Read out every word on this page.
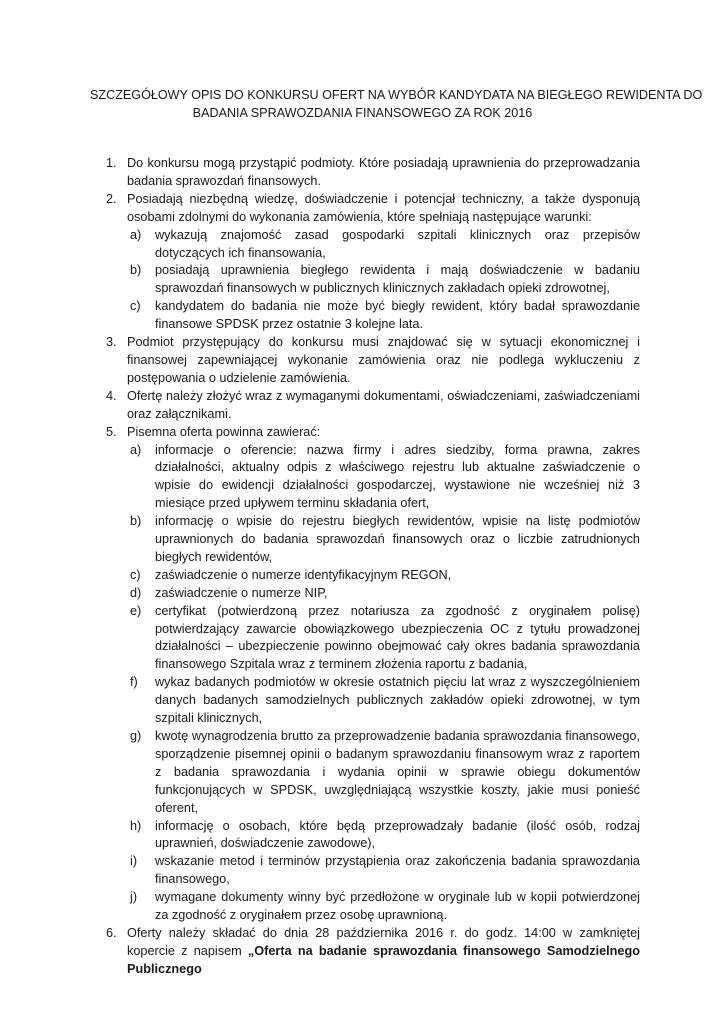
SZCZEGÓŁOWY OPIS DO KONKURSU OFERT NA WYBÓR KANDYDATA NA BIEGŁEGO REWIDENTA DO
BADANIA SPRAWOZDANIA FINANSOWEGO ZA ROK 2016
1. Do konkursu mogą przystąpić podmioty. Które posiadają uprawnienia do przeprowadzania badania sprawozdań finansowych.
2. Posiadają niezbędną wiedzę, doświadczenie i potencjał techniczny, a także dysponują osobami zdolnymi do wykonania zamówienia, które spełniają następujące warunki:
a) wykazują znajomość zasad gospodarki szpitali klinicznych oraz przepisów dotyczących ich finansowania,
b) posiadają uprawnienia biegłego rewidenta i mają doświadczenie w badaniu sprawozdań finansowych w publicznych klinicznych zakładach opieki zdrowotnej,
c) kandydatem do badania nie może być biegły rewident, który badał sprawozdanie finansowe SPDSK przez ostatnie 3 kolejne lata.
3. Podmiot przystępujący do konkursu musi znajdować się w sytuacji ekonomicznej i finansowej zapewniającej wykonanie zamówienia oraz nie podlega wykluczeniu z postępowania o udzielenie zamówienia.
4. Ofertę należy złożyć wraz z wymaganymi dokumentami, oświadczeniami, zaświadczeniami oraz załącznikami.
5. Pisemna oferta powinna zawierać:
a) informacje o oferencie: nazwa firmy i adres siedziby, forma prawna, zakres działalności, aktualny odpis z właściwego rejestru lub aktualne zaświadczenie o wpisie do ewidencji działalności gospodarczej, wystawione nie wcześniej niż 3 miesiące przed upływem terminu składania ofert,
b) informację o wpisie do rejestru biegłych rewidentów, wpisie na listę podmiotów uprawnionych do badania sprawozdań finansowych oraz o liczbie zatrudnionych biegłych rewidentów,
c) zaświadczenie o numerze identyfikacyjnym REGON,
d) zaświadczenie o numerze NIP,
e) certyfikat (potwierdzoną przez notariusza za zgodność z oryginałem polisę) potwierdzający zawarcie obowiązkowego ubezpieczenia OC z tytułu prowadzonej działalności – ubezpieczenie powinno obejmować cały okres badania sprawozdania finansowego Szpitala wraz z terminem złożenia raportu z badania,
f) wykaz badanych podmiotów w okresie ostatnich pięciu lat wraz z wyszczególnieniem danych badanych samodzielnych publicznych zakładów opieki zdrowotnej, w tym szpitali klinicznych,
g) kwotę wynagrodzenia brutto za przeprowadzenie badania sprawozdania finansowego, sporządzenie pisemnej opinii o badanym sprawozdaniu finansowym wraz z raportem z badania sprawozdania i wydania opinii w sprawie obiegu dokumentów funkcjonujących w SPDSK, uwzględniającą wszystkie koszty, jakie musi ponieść oferent,
h) informację o osobach, które będą przeprowadzały badanie (ilość osób, rodzaj uprawnień, doświadczenie zawodowe),
i) wskazanie metod i terminów przystąpienia oraz zakończenia badania sprawozdania finansowego,
j) wymagane dokumenty winny być przedłożone w oryginale lub w kopii potwierdzonej za zgodność z oryginałem przez osobę uprawnioną.
6. Oferty należy składać do dnia 28 października 2016 r. do godz. 14:00 w zamkniętej kopercie z napisem „Oferta na badanie sprawozdania finansowego Samodzielnego Publicznego
